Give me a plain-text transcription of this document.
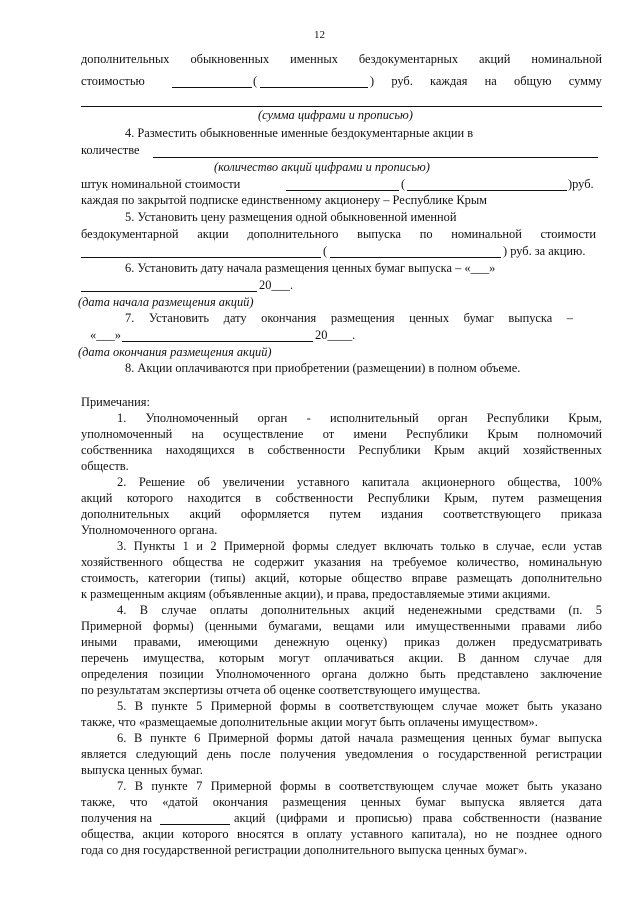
12
дополнительных обыкновенных именных бездокументарных акций номинальной
стоимостью	(	) руб. каждая на общую сумму
(сумма цифрами и прописью)
4. Разместить обыкновенные именные бездокументарные акции в
количестве
(количество акций цифрами и прописью)
штук номинальной стоимости	(	)руб.
каждая по закрытой подписке единственному акционеру – Республике Крым
5. Установить цену размещения одной обыкновенной именной
бездокументарной акции дополнительного выпуска по номинальной стоимости
(	) руб. за акцию.
6. Установить дату начала размещения ценных бумаг выпуска – «___»
20___.
(дата начала размещения акций)
7. Установить дату окончания размещения ценных бумаг выпуска –
«___»	20____.
(дата окончания размещения акций)
8. Акции оплачиваются при приобретении (размещении) в полном объеме.
Примечания:
1. Уполномоченный орган - исполнительный орган Республики Крым,
уполномоченный на осуществление от имени Республики Крым полномочий
собственника находящихся в собственности Республики Крым акций хозяйственных
обществ.
2. Решение об увеличении уставного капитала акционерного общества, 100%
акций которого находится в собственности Республики Крым, путем размещения
дополнительных акций оформляется путем издания соответствующего приказа
Уполномоченного органа.
3. Пункты 1 и 2 Примерной формы следует включать только в случае, если устав
хозяйственного общества не содержит указания на требуемое количество, номинальную
стоимость, категории (типы) акций, которые общество вправе размещать дополнительно
к размещенным акциям (объявленные акции), и права, предоставляемые этими акциями.
4. В случае оплаты дополнительных акций неденежными средствами (п. 5
Примерной формы) (ценными бумагами, вещами или имущественными правами либо
иными правами, имеющими денежную оценку) приказ должен предусматривать
перечень имущества, которым могут оплачиваться акции. В данном случае для
определения позиции Уполномоченного органа должно быть представлено заключение
по результатам экспертизы отчета об оценке соответствующего имущества.
5. В пункте 5 Примерной формы в соответствующем случае может быть указано
также, что «размещаемые дополнительные акции могут быть оплачены имуществом».
6. В пункте 6 Примерной формы датой начала размещения ценных бумаг выпуска
является следующий день после получения уведомления о государственной регистрации
выпуска ценных бумаг.
7. В пункте 7 Примерной формы в соответствующем случае может быть указано
также, что «датой окончания размещения ценных бумаг выпуска является дата
получения на	акций (цифрами и прописью) права собственности (название
общества, акции которого вносятся в оплату уставного капитала), но не позднее одного
года со дня государственной регистрации дополнительного выпуска ценных бумаг».
